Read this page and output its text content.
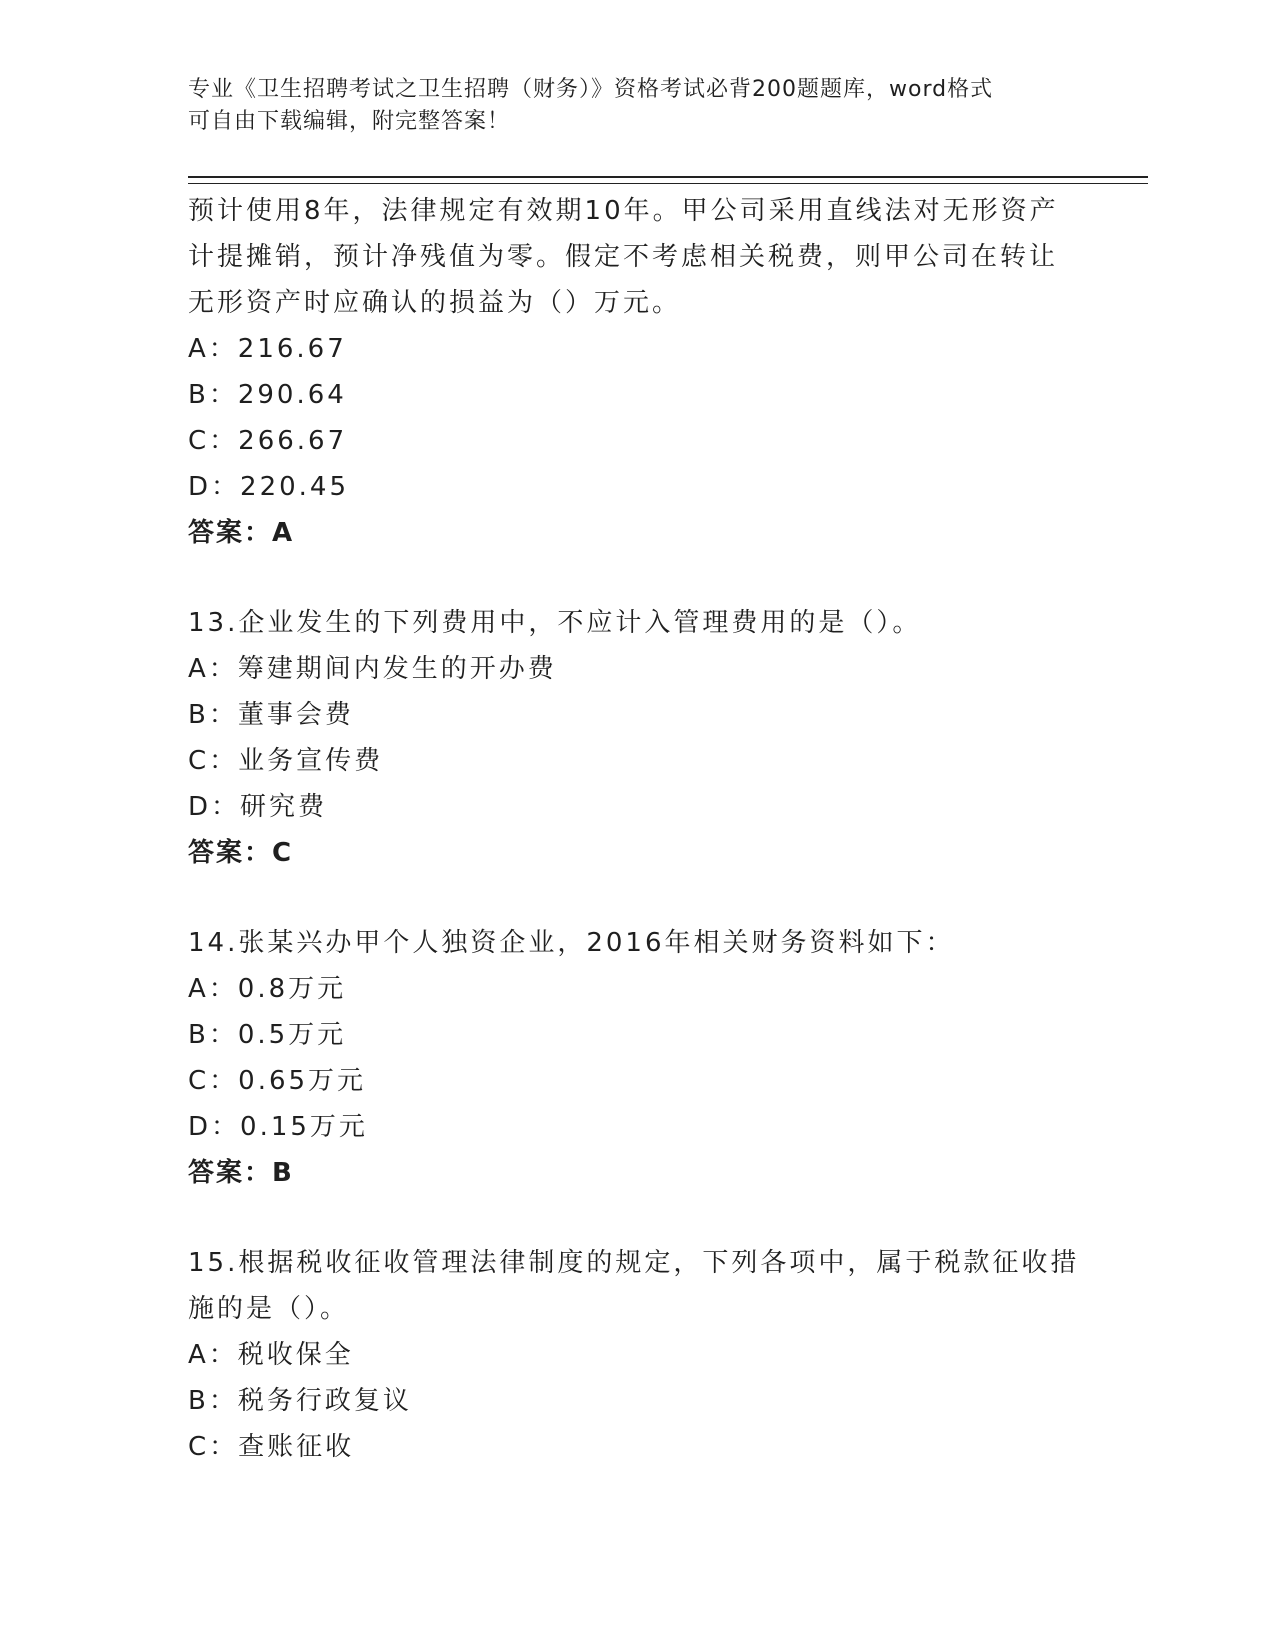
专业《卫生招聘考试之卫生招聘（财务）》资格考试必背200题题库，word格式
可自由下载编辑，附完整答案！
预计使用8年，法律规定有效期10年。甲公司采用直线法对无形资产
计提摊销，预计净残值为零。假定不考虑相关税费，则甲公司在转让
无形资产时应确认的损益为（）万元。
A：216.67
B：290.64
C：266.67
D：220.45
答案：A
13.企业发生的下列费用中，不应计入管理费用的是（）。
A：筹建期间内发生的开办费
B：董事会费
C：业务宣传费
D：研究费
答案：C
14.张某兴办甲个人独资企业，2016年相关财务资料如下：
A：0.8万元
B：0.5万元
C：0.65万元
D：0.15万元
答案：B
15.根据税收征收管理法律制度的规定，下列各项中，属于税款征收措
施的是（）。
A：税收保全
B：税务行政复议
C：查账征收
